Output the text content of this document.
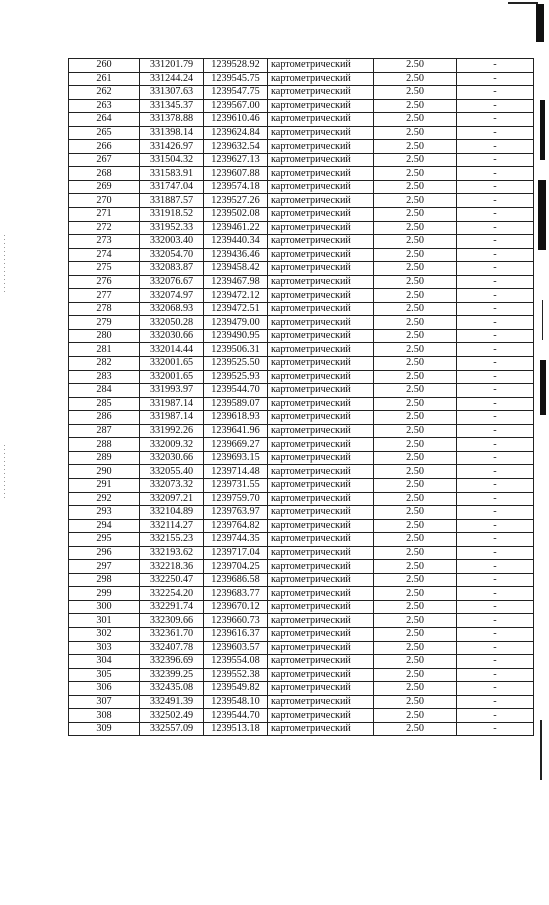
260	331201.79	1239528.92	картометрический	2.50	-
261	331244.24	1239545.75	картометрический	2.50	-
262	331307.63	1239547.75	картометрический	2.50	-
263	331345.37	1239567.00	картометрический	2.50	-
264	331378.88	1239610.46	картометрический	2.50	-
265	331398.14	1239624.84	картометрический	2.50	-
266	331426.97	1239632.54	картометрический	2.50	-
267	331504.32	1239627.13	картометрический	2.50	-
268	331583.91	1239607.88	картометрический	2.50	-
269	331747.04	1239574.18	картометрический	2.50	-
270	331887.57	1239527.26	картометрический	2.50	-
271	331918.52	1239502.08	картометрический	2.50	-
272	331952.33	1239461.22	картометрический	2.50	-
273	332003.40	1239440.34	картометрический	2.50	-
274	332054.70	1239436.46	картометрический	2.50	-
275	332083.87	1239458.42	картометрический	2.50	-
276	332076.67	1239467.98	картометрический	2.50	-
277	332074.97	1239472.12	картометрический	2.50	-
278	332068.93	1239472.51	картометрический	2.50	-
279	332050.28	1239479.00	картометрический	2.50	-
280	332030.66	1239490.95	картометрический	2.50	-
281	332014.44	1239506.31	картометрический	2.50	-
282	332001.65	1239525.50	картометрический	2.50	-
283	332001.65	1239525.93	картометрический	2.50	-
284	331993.97	1239544.70	картометрический	2.50	-
285	331987.14	1239589.07	картометрический	2.50	-
286	331987.14	1239618.93	картометрический	2.50	-
287	331992.26	1239641.96	картометрический	2.50	-
288	332009.32	1239669.27	картометрический	2.50	-
289	332030.66	1239693.15	картометрический	2.50	-
290	332055.40	1239714.48	картометрический	2.50	-
291	332073.32	1239731.55	картометрический	2.50	-
292	332097.21	1239759.70	картометрический	2.50	-
293	332104.89	1239763.97	картометрический	2.50	-
294	332114.27	1239764.82	картометрический	2.50	-
295	332155.23	1239744.35	картометрический	2.50	-
296	332193.62	1239717.04	картометрический	2.50	-
297	332218.36	1239704.25	картометрический	2.50	-
298	332250.47	1239686.58	картометрический	2.50	-
299	332254.20	1239683.77	картометрический	2.50	-
300	332291.74	1239670.12	картометрический	2.50	-
301	332309.66	1239660.73	картометрический	2.50	-
302	332361.70	1239616.37	картометрический	2.50	-
303	332407.78	1239603.57	картометрический	2.50	-
304	332396.69	1239554.08	картометрический	2.50	-
305	332399.25	1239552.38	картометрический	2.50	-
306	332435.08	1239549.82	картометрический	2.50	-
307	332491.39	1239548.10	картометрический	2.50	-
308	332502.49	1239544.70	картометрический	2.50	-
309	332557.09	1239513.18	картометрический	2.50	-
